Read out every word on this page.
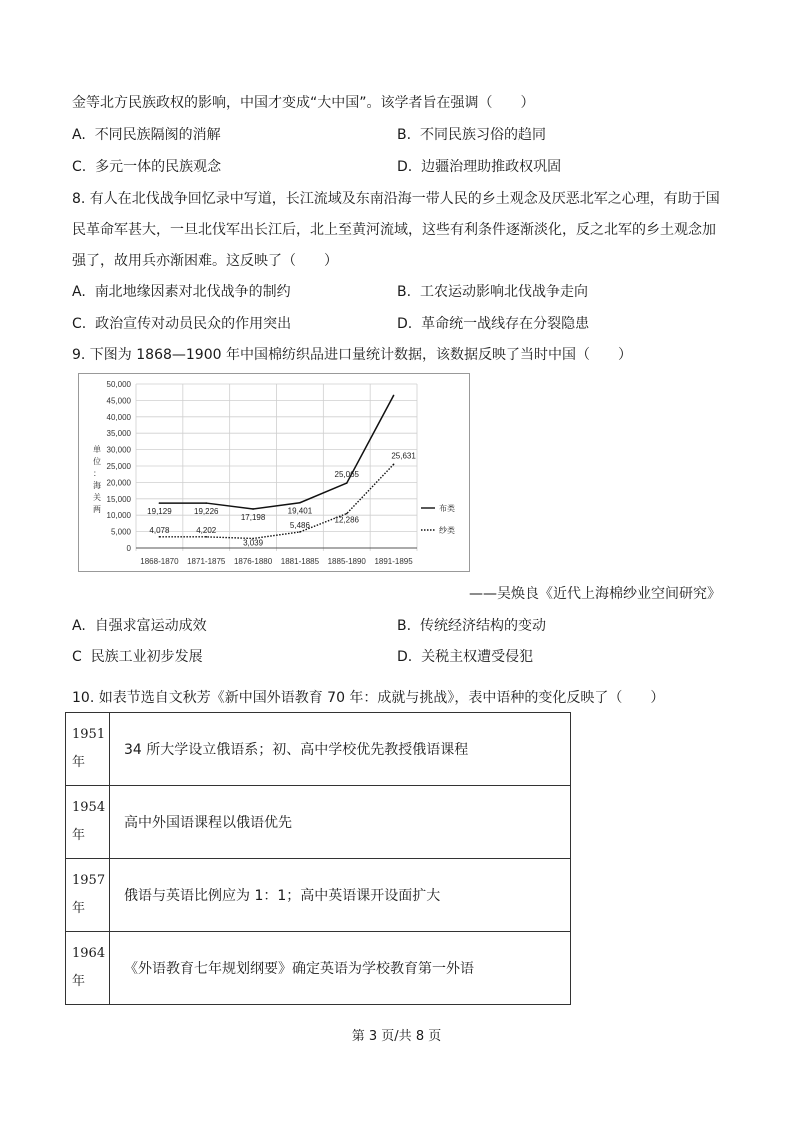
金等北方民族政权的影响，中国才变成“大中国”。该学者旨在强调（　　）
A. 不同民族隔阂的消解	B. 不同民族习俗的趋同
C. 多元一体的民族观念	D. 边疆治理助推政权巩固
8. 有人在北伐战争回忆录中写道，长江流域及东南沿海一带人民的乡土观念及厌恶北军之心理，有助于国
民革命军甚大，一旦北伐军出长江后，北上至黄河流域，这些有利条件逐渐淡化，反之北军的乡土观念加
强了，故用兵亦渐困难。这反映了（　　）
A. 南北地缘因素对北伐战争的制约	B. 工农运动影响北伐战争走向
C. 政治宣传对动员民众的作用突出	D. 革命统一战线存在分裂隐患
9. 下图为 1868—1900 年中国棉纺织品进口量统计数据，该数据反映了当时中国（　　）
0
5,000
10,000
15,000
20,000
25,000
30,000
35,000
40,000
45,000
50,000
1868-1870 1871-1875 1876-1880 1881-1885 1885-1890 1891-1895
单
位
：
海
关
两	19,129	19,226
17,198
19,401
25,065
4,078	4,202
3,039
5,486
12,286
25,631
布类
纱类
——吴焕良《近代上海棉纱业空间研究》
A. 自强求富运动成效	B. 传统经济结构的变动
C 民族工业初步发展	D. 关税主权遭受侵犯
10. 如表节选自文秋芳《新中国外语教育 70 年：成就与挑战》，表中语种的变化反映了（　　）
1951
年	34 所大学设立俄语系；初、高中学校优先教授俄语课程
1954
年	高中外国语课程以俄语优先
1957
年	俄语与英语比例应为 1：1；高中英语课开设面扩大
1964
年	《外语教育七年规划纲要》确定英语为学校教育第一外语
第 3 页/共 8 页
